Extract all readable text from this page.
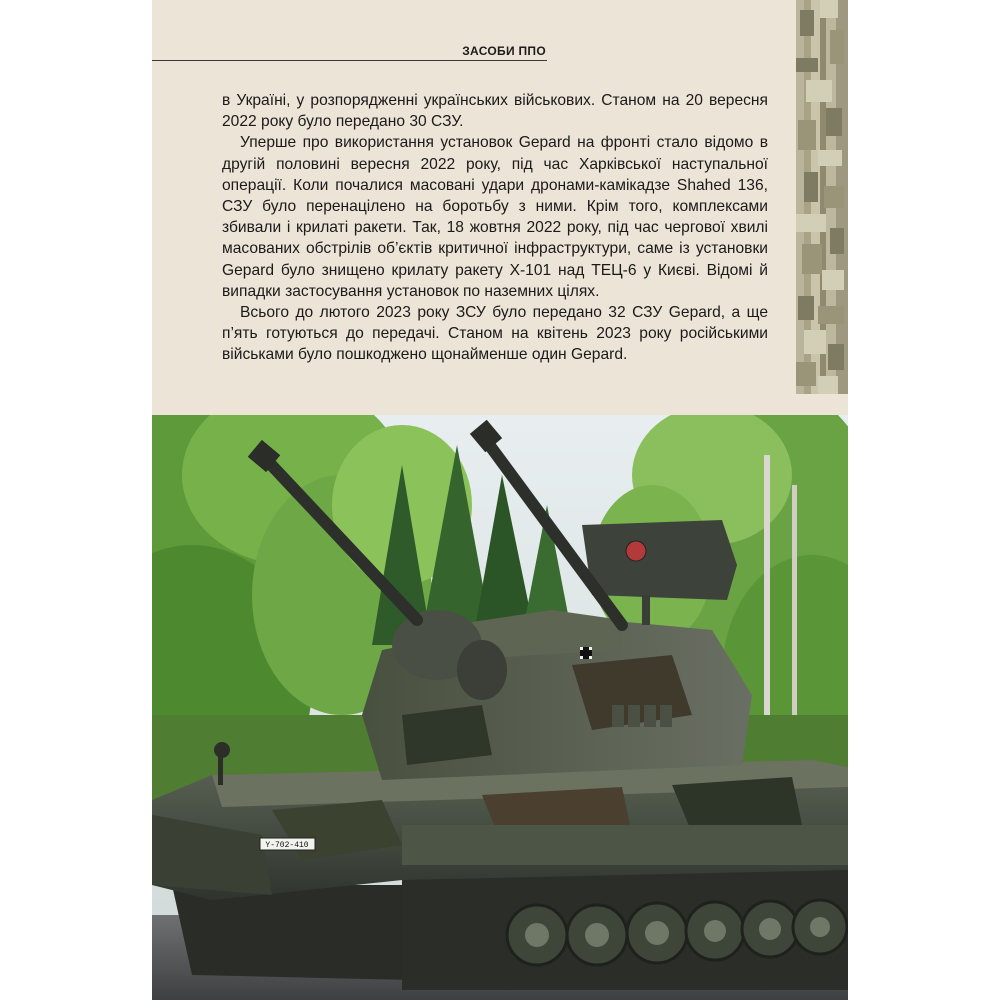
ЗАСОБИ ППО

в Україні, у розпорядженні українських військових. Станом на 20 вересня 2022 року було передано 30 СЗУ.

Уперше про використання установок Gepard на фронті стало відомо в другій половині вересня 2022 року, під час Харківської наступальної операції. Коли почалися масовані удари дронами-камікадзе Shahed 136, СЗУ було перенацілено на боротьбу з ними. Крім того, комплексами збивали і крилаті ракети. Так, 18 жовтня 2022 року, під час чергової хвилі масованих обстрілів об’єктів критичної інфраструктури, саме із установки Gepard було знищено крилату ракету Х-101 над ТЕЦ-6 у Києві. Відомі й випадки застосування установок по наземних цілях.

Всього до лютого 2023 року ЗСУ було передано 32 СЗУ Gepard, а ще п’ять готуються до передачі. Станом на квітень 2023 року російськими військами було пошкоджено щонайменше один Gepard.

Y-702-410
